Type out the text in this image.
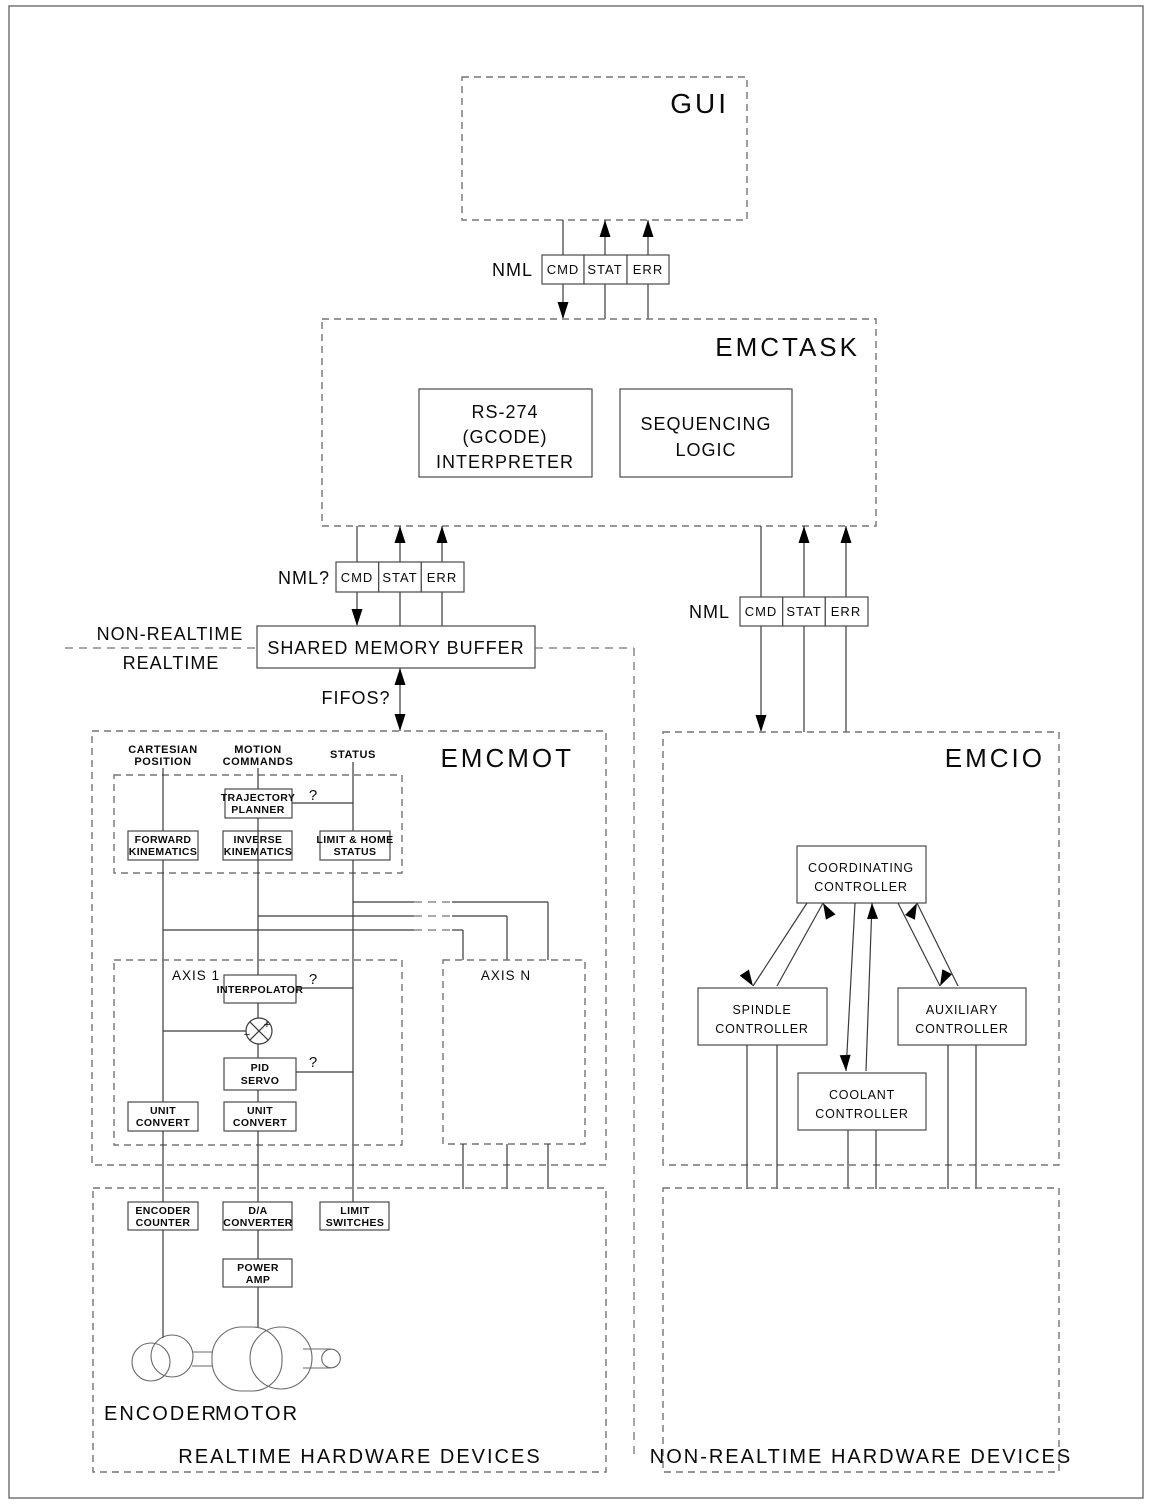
GUI
NML CMD STAT ERR
EMCTASK
RS-274
(GCODE)
INTERPRETER
SEQUENCING
LOGIC
NML? CMD STAT ERR
NML CMD STAT ERR
SHARED MEMORY BUFFER
NON-REALTIME
REALTIME
FIFOS?
EMCMOT
CARTESIAN
POSITION
MOTION
COMMANDS
STATUS
TRAJECTORY
PLANNER
?
FORWARD
KINEMATICS
INVERSE
KINEMATICS
LIMIT & HOME
STATUS
AXIS 1
INTERPOLATOR
?
+
−
PID
SERVO
?
UNIT
CONVERT
UNIT
CONVERT
AXIS N
EMCIO
COORDINATING
CONTROLLER
SPINDLE
CONTROLLER
AUXILIARY
CONTROLLER
COOLANT
CONTROLLER
ENCODER
COUNTER
D/A
CONVERTER
LIMIT
SWITCHES
POWER
AMP
ENCODER
MOTOR
REALTIME HARDWARE DEVICES	NON-REALTIME HARDWARE DEVICES
